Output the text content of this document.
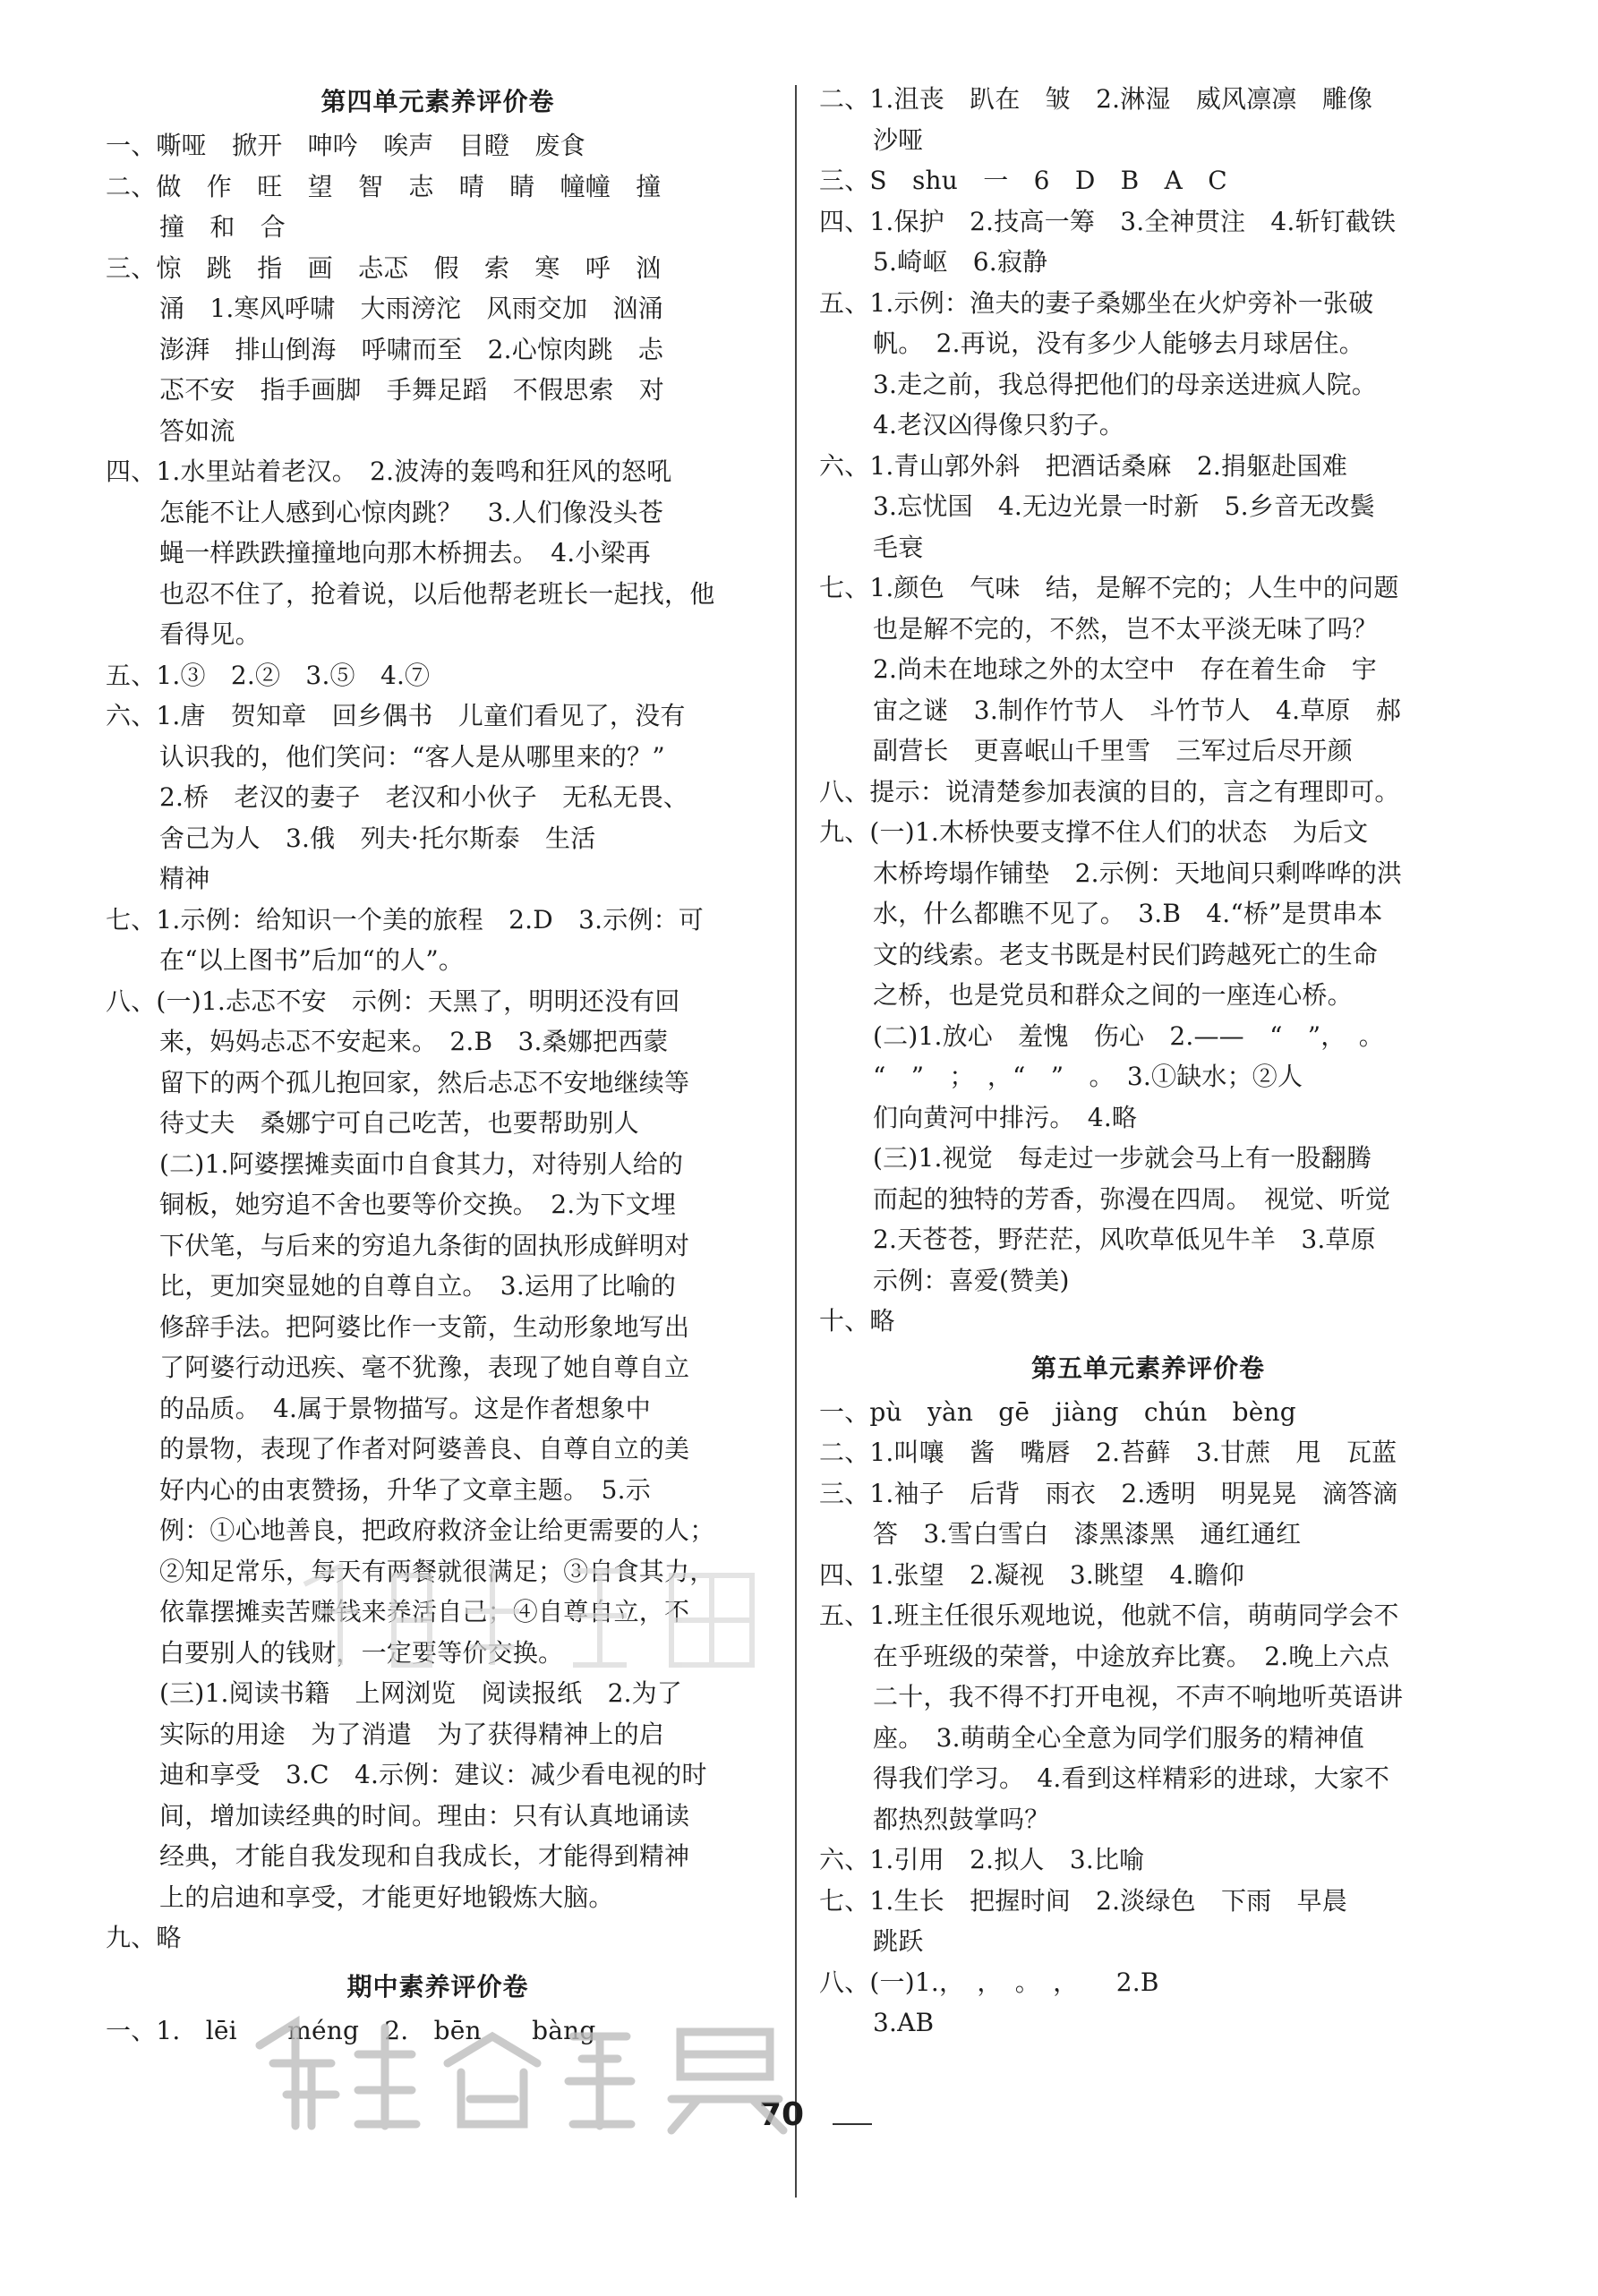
第四单元素养评价卷
一、嘶哑　掀开　呻吟　唉声　目瞪　废食
二、做　作　旺　望　智　志　晴　睛　幢幢　撞
撞　和　合
三、惊　跳　指　画　忐忑　假　索　寒　呼　汹
涌　1.寒风呼啸　大雨滂沱　风雨交加　汹涌
澎湃　排山倒海　呼啸而至　2.心惊肉跳　忐
忑不安　指手画脚　手舞足蹈　不假思索　对
答如流
四、1.水里站着老汉。　2.波涛的轰鸣和狂风的怒吼
怎能不让人感到心惊肉跳？　3.人们像没头苍
蝇一样跌跌撞撞地向那木桥拥去。　4.小梁再
也忍不住了，抢着说，以后他帮老班长一起找，他
看得见。
五、1.③　2.②　3.⑤　4.⑦
六、1.唐　贺知章　回乡偶书　儿童们看见了，没有
认识我的，他们笑问：“客人是从哪里来的？”
2.桥　老汉的妻子　老汉和小伙子　无私无畏、
舍己为人　3.俄　列夫·托尔斯泰　生活
精神
七、1.示例：给知识一个美的旅程　2.D　3.示例：可
在“以上图书”后加“的人”。
八、(一)1.忐忑不安　示例：天黑了，明明还没有回
来，妈妈忐忑不安起来。　2.B　3.桑娜把西蒙
留下的两个孤儿抱回家，然后忐忑不安地继续等
待丈夫　桑娜宁可自己吃苦，也要帮助别人
(二)1.阿婆摆摊卖面巾自食其力，对待别人给的
铜板，她穷追不舍也要等价交换。　2.为下文埋
下伏笔，与后来的穷追九条街的固执形成鲜明对
比，更加突显她的自尊自立。　3.运用了比喻的
修辞手法。把阿婆比作一支箭，生动形象地写出
了阿婆行动迅疾、毫不犹豫，表现了她自尊自立
的品质。　4.属于景物描写。这是作者想象中
的景物，表现了作者对阿婆善良、自尊自立的美
好内心的由衷赞扬，升华了文章主题。　5.示
例：①心地善良，把政府救济金让给更需要的人；
②知足常乐，每天有两餐就很满足；③自食其力，
依靠摆摊卖苦赚钱来养活自己；④自尊自立，不
白要别人的钱财，一定要等价交换。
(三)1.阅读书籍　上网浏览　阅读报纸　2.为了
实际的用途　为了消遣　为了获得精神上的启
迪和享受　3.C　4.示例：建议：减少看电视的时
间，增加读经典的时间。理由：只有认真地诵读
经典，才能自我发现和自我成长，才能得到精神
上的启迪和享受，才能更好地锻炼大脑。
九、略
期中素养评价卷
一、1.　lēi　　méng　2.　bēn　　bàng
二、1.沮丧　趴在　皱　2.淋湿　威风凛凛　雕像
沙哑
三、S　shu　一　6　D　B　A　C
四、1.保护　2.技高一筹　3.全神贯注　4.斩钉截铁
5.崎岖　6.寂静
五、1.示例：渔夫的妻子桑娜坐在火炉旁补一张破
帆。　2.再说，没有多少人能够去月球居住。
3.走之前，我总得把他们的母亲送进疯人院。
4.老汉凶得像只豹子。
六、1.青山郭外斜　把酒话桑麻　2.捐躯赴国难
3.忘忧国　4.无边光景一时新　5.乡音无改鬓
毛衰
七、1.颜色　气味　结，是解不完的；人生中的问题
也是解不完的，不然，岂不太平淡无味了吗？
2.尚未在地球之外的太空中　存在着生命　宇
宙之谜　3.制作竹节人　斗竹节人　4.草原　郝
副营长　更喜岷山千里雪　三军过后尽开颜
八、提示：说清楚参加表演的目的，言之有理即可。
九、(一)1.木桥快要支撑不住人们的状态　为后文
木桥垮塌作铺垫　2.示例：天地间只剩哗哗的洪
水，什么都瞧不见了。　3.B　4.“桥”是贯串本
文的线索。老支书既是村民们跨越死亡的生命
之桥，也是党员和群众之间的一座连心桥。
(二)1.放心　羞愧　伤心　2.——　“　”，　。
“　”　；　，“　”　。　3.①缺水；②人
们向黄河中排污。　4.略
(三)1.视觉　每走过一步就会马上有一股翻腾
而起的独特的芳香，弥漫在四周。　视觉、听觉
2.天苍苍，野茫茫，风吹草低见牛羊　3.草原
示例：喜爱(赞美)
十、略
第五单元素养评价卷
一、pù　yàn　gē　jiàng　chún　bèng
二、1.叫嚷　酱　嘴唇　2.苔藓　3.甘蔗　甩　瓦蓝
三、1.袖子　后背　雨衣　2.透明　明晃晃　滴答滴
答　3.雪白雪白　漆黑漆黑　通红通红
四、1.张望　2.凝视　3.眺望　4.瞻仰
五、1.班主任很乐观地说，他就不信，萌萌同学会不
在乎班级的荣誉，中途放弃比赛。　2.晚上六点
二十，我不得不打开电视，不声不响地听英语讲
座。　3.萌萌全心全意为同学们服务的精神值
得我们学习。　4.看到这样精彩的进球，大家不
都热烈鼓掌吗？
六、1.引用　2.拟人　3.比喻
七、1.生长　把握时间　2.淡绿色　下雨　早晨
跳跃
八、(一)1.，　，　。　，　　2.B
3.AB
70
